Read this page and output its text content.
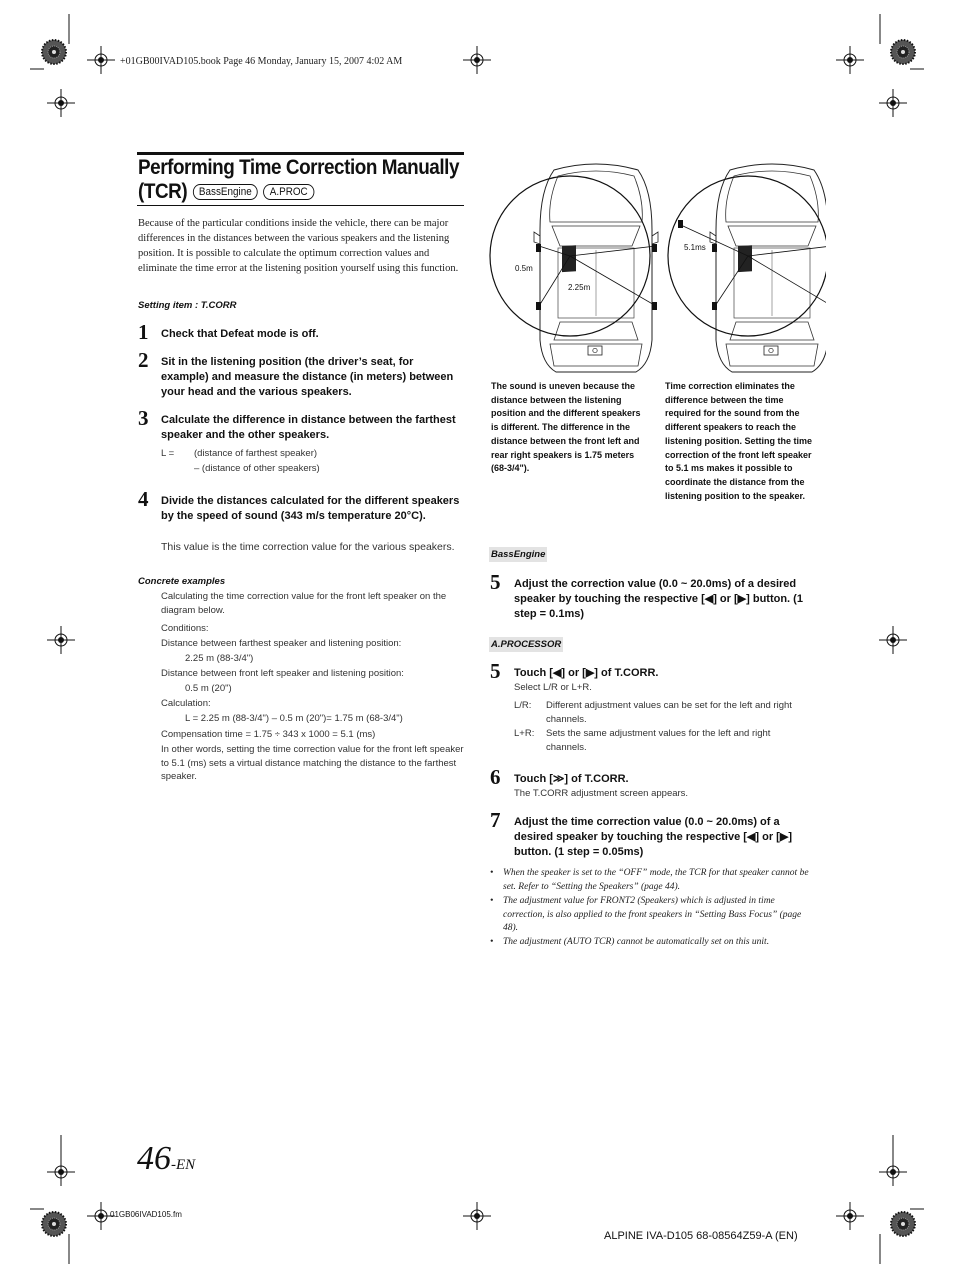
+01GB00IVAD105.book Page 46 Monday, January 15, 2007 4:02 AM
Performing Time Correction Manually
(TCR) BassEngine A.PROC
Because of the particular conditions inside the vehicle, there can be major differences in the distances between the various speakers and the listening position. It is possible to calculate the optimum correction values and eliminate the time error at the listening position yourself using this function.
Setting item : T.CORR
1 Check that Defeat mode is off.
2 Sit in the listening position (the driver’s seat, for example) and measure the distance (in meters) between your head and the various speakers.
3 Calculate the difference in distance between the farthest speaker and the other speakers.
L = (distance of farthest speaker)
– (distance of other speakers)
4 Divide the distances calculated for the different speakers by the speed of sound (343 m/s temperature 20°C).
This value is the time correction value for the various speakers.
Concrete examples
Calculating the time correction value for the front left speaker on the diagram below.
Conditions:
Distance between farthest speaker and listening position:
2.25 m (88-3/4")
Distance between front left speaker and listening position:
0.5 m (20")
Calculation:
L = 2.25 m (88-3/4") – 0.5 m (20")= 1.75 m (68-3/4")
Compensation time = 1.75 ÷ 343 x 1000 = 5.1 (ms)
In other words, setting the time correction value for the front left speaker to 5.1 (ms) sets a virtual distance matching the distance to the farthest speaker.
0.5m
2.25m
5.1ms
The sound is uneven because the distance between the listening position and the different speakers is different. The difference in the distance between the front left and rear right speakers is 1.75 meters (68-3/4").
Time correction eliminates the difference between the time required for the sound from the different speakers to reach the listening position. Setting the time correction of the front left speaker to 5.1 ms makes it possible to coordinate the distance from the listening position to the speaker.
BassEngine
5 Adjust the correction value (0.0 ~ 20.0ms) of a desired speaker by touching the respective [◀] or [▶] button. (1 step = 0.1ms)
A.PROCESSOR
5 Touch [◀] or [▶] of T.CORR.
Select L/R or L+R.
L/R: Different adjustment values can be set for the left and right channels.
L+R: Sets the same adjustment values for the left and right channels.
6 Touch [≫] of T.CORR.
The T.CORR adjustment screen appears.
7 Adjust the time correction value (0.0 ~ 20.0ms) of a desired speaker by touching the respective [◀] or [▶] button. (1 step = 0.05ms)
• When the speaker is set to the “OFF” mode, the TCR for that speaker cannot be set. Refer to “Setting the Speakers” (page 44).
• The adjustment value for FRONT2 (Speakers) which is adjusted in time correction, is also applied to the front speakers in “Setting Bass Focus” (page 48).
• The adjustment (AUTO TCR) cannot be automatically set on this unit.
46-EN
01GB06IVAD105.fm
ALPINE IVA-D105 68-08564Z59-A (EN)
